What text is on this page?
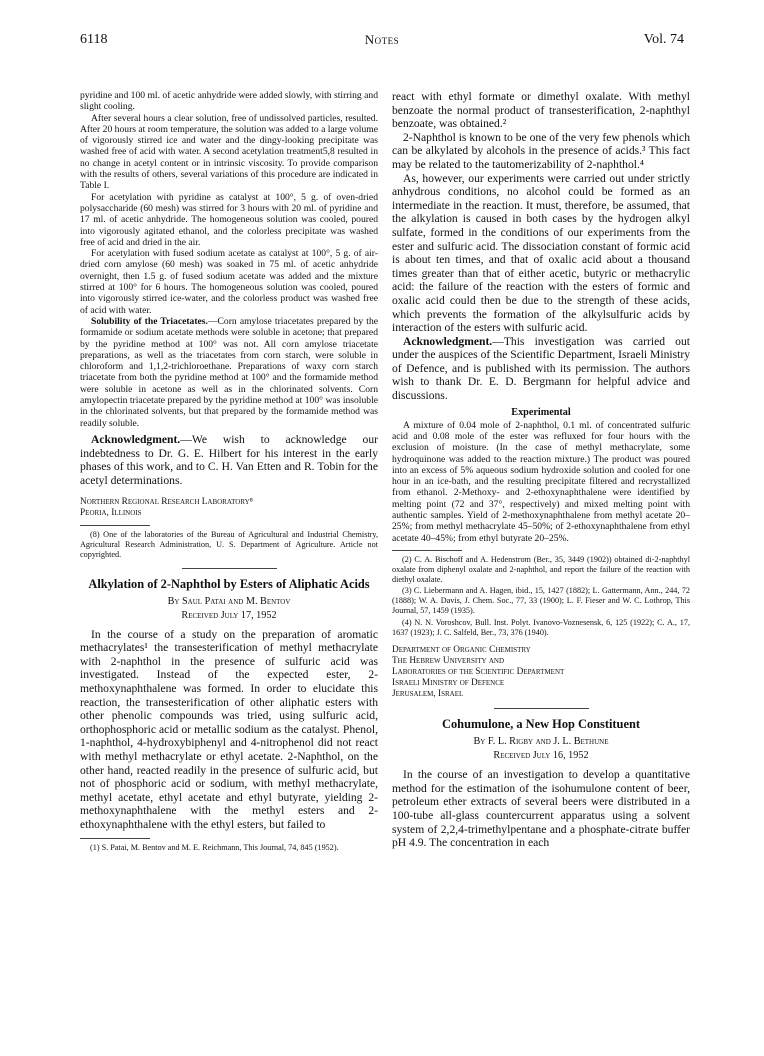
6118	Notes	Vol. 74

pyridine and 100 ml. of acetic anhydride were added slowly, with stirring and slight cooling.

After several hours a clear solution, free of undissolved particles, resulted. After 20 hours at room temperature, the solution was added to a large volume of vigorously stirred ice and water and the dingy-looking precipitate was washed free of acid with water. A second acetylation treatment5,8 resulted in no change in acetyl content or in intrinsic viscosity. To provide comparison with the results of others, several variations of this procedure are indicated in Table I.

For acetylation with pyridine as catalyst at 100°, 5 g. of oven-dried polysaccharide (60 mesh) was stirred for 3 hours with 20 ml. of pyridine and 17 ml. of acetic anhydride. The homogeneous solution was cooled, poured into vigorously agitated ethanol, and the colorless precipitate was washed free of acid and dried in the air.

For acetylation with fused sodium acetate as catalyst at 100°, 5 g. of air-dried corn amylose (60 mesh) was soaked in 75 ml. of acetic anhydride overnight, then 1.5 g. of fused sodium acetate was added and the mixture stirred at 100° for 6 hours. The homogeneous solution was cooled, poured into vigorously stirred ice-water, and the colorless product was washed free of acid with water.

Solubility of the Triacetates.—Corn amylose triacetates prepared by the formamide or sodium acetate methods were soluble in acetone; that prepared by the pyridine method at 100° was not. All corn amylose triacetate preparations, as well as the triacetates from corn starch, were soluble in chloroform and 1,1,2-trichloroethane. Preparations of waxy corn starch triacetate from both the pyridine method at 100° and the formamide method were soluble in acetone as well as in the chlorinated solvents. Corn amylopectin triacetate prepared by the pyridine method at 100° was insoluble in the chlorinated solvents, but that prepared by the formamide method was readily soluble.

Acknowledgment.—We wish to acknowledge our indebtedness to Dr. G. E. Hilbert for his interest in the early phases of this work, and to C. H. Van Etten and R. Tobin for the acetyl determinations.

Northern Regional Research Laboratory⁸

Peoria, Illinois

(8) One of the laboratories of the Bureau of Agricultural and Industrial Chemistry, Agricultural Research Administration, U. S. Department of Agriculture. Article not copyrighted.

Alkylation of 2-Naphthol by Esters of Aliphatic Acids

By Saul Patai and M. Bentov

Received July 17, 1952

In the course of a study on the preparation of aromatic methacrylates¹ the transesterification of methyl methacrylate with 2-naphthol in the presence of sulfuric acid was investigated. Instead of the expected ester, 2-methoxynaphthalene was formed. In order to elucidate this reaction, the transesterification of other aliphatic esters with other phenolic compounds was tried, using sulfuric acid, orthophosphoric acid or metallic sodium as the catalyst. Phenol, 1-naphthol, 4-hydroxybiphenyl and 4-nitrophenol did not react with methyl methacrylate or ethyl acetate. 2-Naphthol, on the other hand, reacted readily in the presence of sulfuric acid, but not of phosphoric acid or sodium, with methyl methacrylate, methyl acetate, ethyl acetate and ethyl butyrate, yielding 2-methoxynaphthalene with the methyl esters and 2-ethoxynaphthalene with the ethyl esters, but failed to

(1) S. Patai, M. Bentov and M. E. Reichmann, This Journal, 74, 845 (1952).

react with ethyl formate or dimethyl oxalate. With methyl benzoate the normal product of transesterification, 2-naphthyl benzoate, was obtained.²

2-Naphthol is known to be one of the very few phenols which can be alkylated by alcohols in the presence of acids.³ This fact may be related to the tautomerizability of 2-naphthol.⁴

As, however, our experiments were carried out under strictly anhydrous conditions, no alcohol could be formed as an intermediate in the reaction. It must, therefore, be assumed, that the alkylation is caused in both cases by the hydrogen alkyl sulfate, formed in the conditions of our experiments from the ester and sulfuric acid. The dissociation constant of formic acid is about ten times, and that of oxalic acid about a thousand times greater than that of either acetic, butyric or methacrylic acid: the failure of the reaction with the esters of formic and oxalic acid could then be due to the strength of these acids, which prevents the formation of the alkylsulfuric acids by interaction of the esters with sulfuric acid.

Acknowledgment.—This investigation was carried out under the auspices of the Scientific Department, Israeli Ministry of Defence, and is published with its permission. The authors wish to thank Dr. E. D. Bergmann for helpful advice and discussions.

Experimental

A mixture of 0.04 mole of 2-naphthol, 0.1 ml. of concentrated sulfuric acid and 0.08 mole of the ester was refluxed for four hours with the exclusion of moisture. (In the case of methyl methacrylate, some hydroquinone was added to the reaction mixture.) The product was poured into an excess of 5% aqueous sodium hydroxide solution and cooled for one hour in an ice-bath, and the resulting precipitate filtered and recrystallized from ethanol. 2-Methoxy- and 2-ethoxynaphthalene were identified by melting point (72 and 37°, respectively) and mixed melting point with authentic samples. Yield of 2-methoxynaphthalene from methyl acetate 20–25%; from methyl methacrylate 45–50%; of 2-ethoxynaphthalene from ethyl acetate 40–45%; from ethyl butyrate 20–25%.

(2) C. A. Bischoff and A. Hedenstrom (Ber., 35, 3449 (1902)) obtained di-2-naphthyl oxalate from diphenyl oxalate and 2-naphthol, and report the failure of the reaction with diethyl oxalate.

(3) C. Liebermann and A. Hagen, ibid., 15, 1427 (1882); L. Gattermann, Ann., 244, 72 (1888); W. A. Davis, J. Chem. Soc., 77, 33 (1900); L. F. Fieser and W. C. Lothrop, This Journal, 57, 1459 (1935).

(4) N. N. Voroshcov, Bull. Inst. Polyt. Ivanovo-Voznesensk, 6, 125 (1922); C. A., 17, 1637 (1923); J. C. Salfeld, Ber., 73, 376 (1940).

Department of Organic Chemistry

The Hebrew University and

Laboratories of the Scientific Department

Israeli Ministry of Defence

Jerusalem, Israel

Cohumulone, a New Hop Constituent

By F. L. Rigby and J. L. Bethune

Received July 16, 1952

In the course of an investigation to develop a quantitative method for the estimation of the isohumulone content of beer, petroleum ether extracts of several beers were distributed in a 100-tube all-glass countercurrent apparatus using a solvent system of 2,2,4-trimethylpentane and a phosphate-citrate buffer pH 4.9. The concentration in each
